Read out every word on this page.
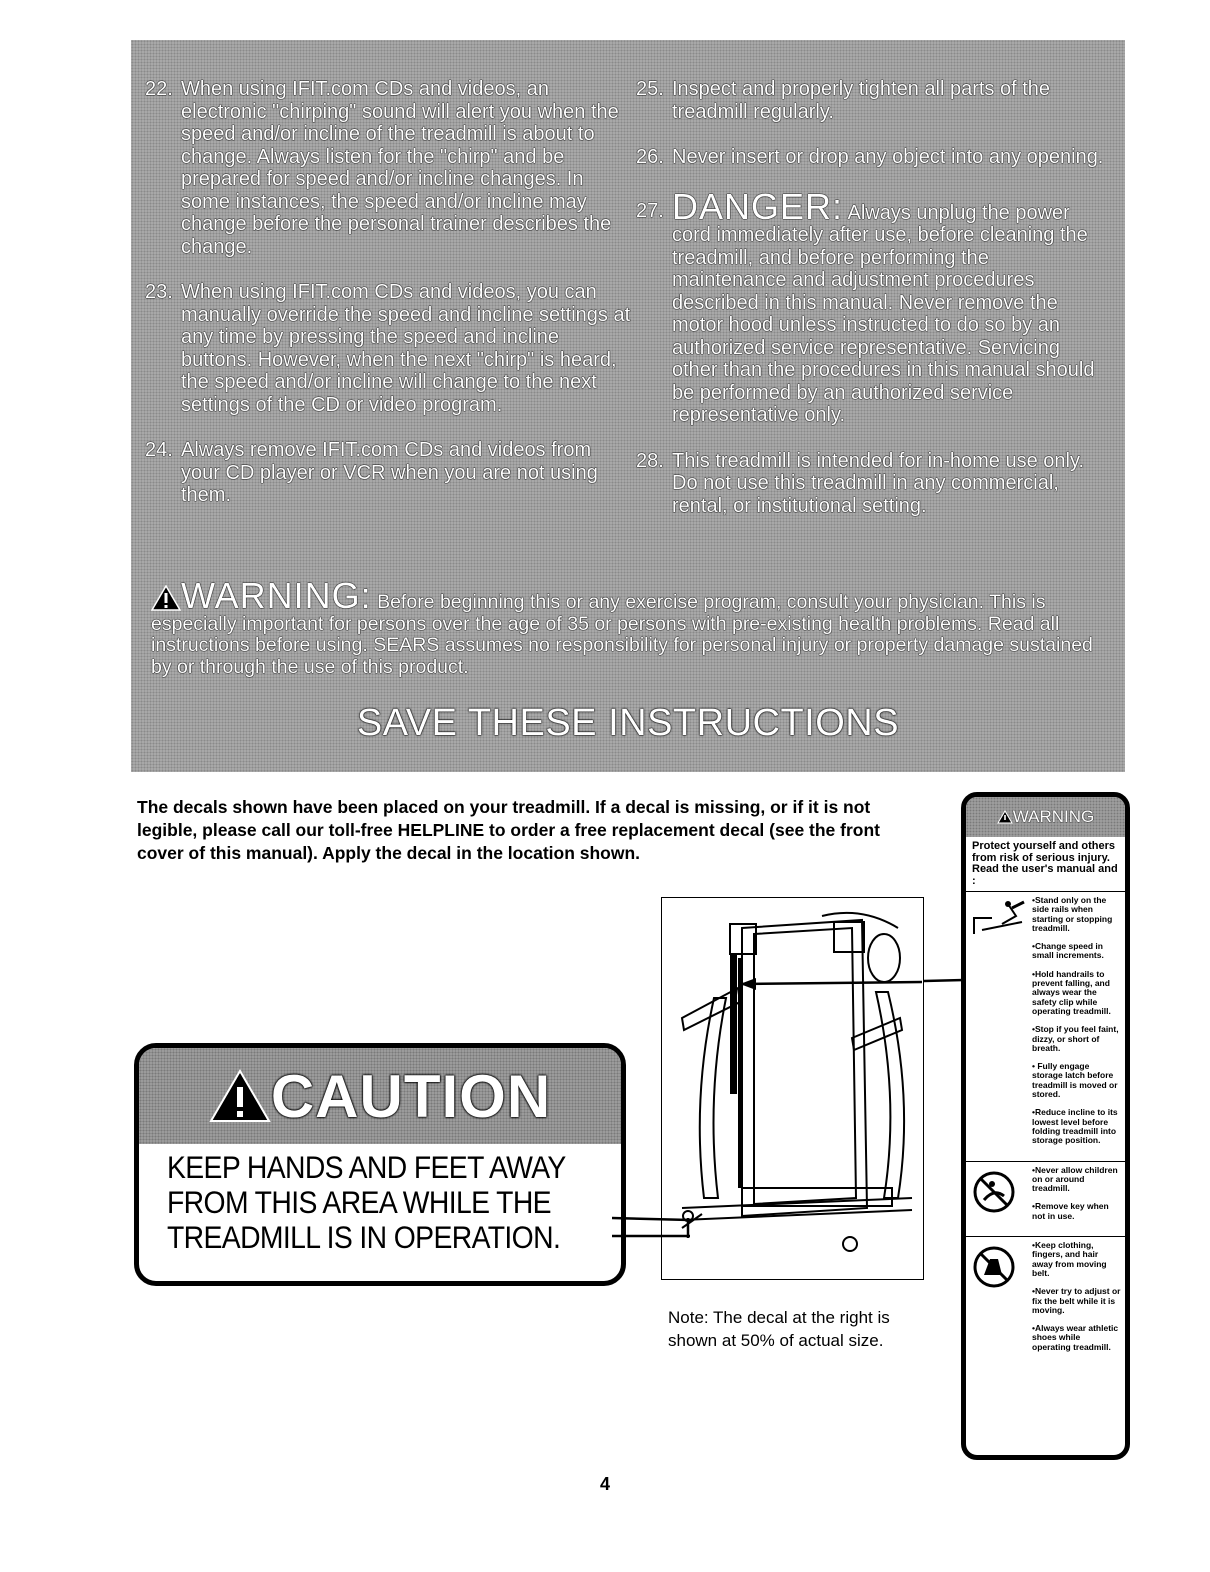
22. When using IFIT.com CDs and videos, an electronic "chirping" sound will alert you when the speed and/or incline of the treadmill is about to change. Always listen for the "chirp" and be prepared for speed and/or incline changes. In some instances, the speed and/or incline may change before the personal trainer describes the change.
23. When using IFIT.com CDs and videos, you can manually override the speed and incline settings at any time by pressing the speed and incline buttons. However, when the next "chirp" is heard, the speed and/or incline will change to the next settings of the CD or video program.
24. Always remove IFIT.com CDs and videos from your CD player or VCR when you are not using them.
25. Inspect and properly tighten all parts of the treadmill regularly.
26. Never insert or drop any object into any opening.
27. DANGER: Always unplug the power cord immediately after use, before cleaning the treadmill, and before performing the maintenance and adjustment procedures described in this manual. Never remove the motor hood unless instructed to do so by an authorized service representative. Servicing other than the procedures in this manual should be performed by an authorized service representative only.
28. This treadmill is intended for in-home use only. Do not use this treadmill in any commercial, rental, or institutional setting.
WARNING: Before beginning this or any exercise program, consult your physician. This is especially important for persons over the age of 35 or persons with pre-existing health problems. Read all instructions before using. SEARS assumes no responsibility for personal injury or property damage sustained by or through the use of this product.
SAVE THESE INSTRUCTIONS
The decals shown have been placed on your treadmill. If a decal is missing, or if it is not legible, please call our toll-free HELPLINE to order a free replacement decal (see the front cover of this manual). Apply the decal in the location shown.
CAUTION
KEEP HANDS AND FEET AWAY
FROM THIS AREA WHILE THE
TREADMILL IS IN OPERATION.
Note: The decal at the right is shown at 50% of actual size.
WARNING
Protect yourself and others from risk of serious injury. Read the user's manual and :
•Stand only on the side rails when starting or stopping treadmill.
•Change speed in small increments.
•Hold handrails to prevent falling, and always wear the safety clip while operating treadmill.
•Stop if you feel faint, dizzy, or short of breath.
• Fully engage storage latch before treadmill is moved or stored.
•Reduce incline to its lowest level before folding treadmill into storage position.
•Never allow children on or around treadmill.
•Remove key when not in use.
•Keep clothing, fingers, and hair away from moving belt.
•Never try to adjust or fix the belt while it is moving.
•Always wear athletic shoes while operating treadmill.
4
